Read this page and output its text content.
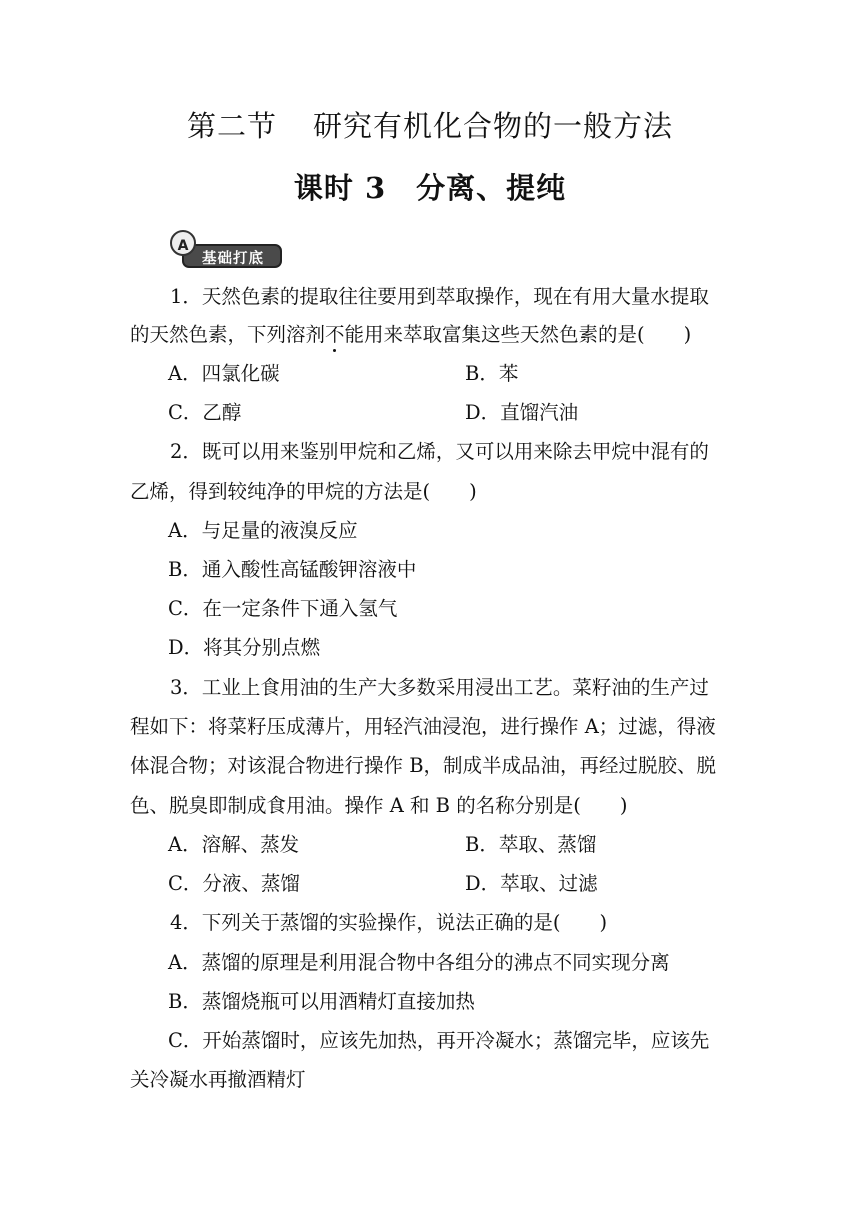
第二节 研究有机化合物的一般方法
课时 3 分离、提纯
基础打底
A
1．天然色素的提取往往要用到萃取操作，现在有用大量水提取
的天然色素，下列溶剂不能用来萃取富集这些天然色素的是(　　)
A．四氯化碳	B．苯
C．乙醇	D．直馏汽油
2．既可以用来鉴别甲烷和乙烯，又可以用来除去甲烷中混有的
乙烯，得到较纯净的甲烷的方法是(　　)
A．与足量的液溴反应
B．通入酸性高锰酸钾溶液中
C．在一定条件下通入氢气
D．将其分别点燃
3．工业上食用油的生产大多数采用浸出工艺。菜籽油的生产过
程如下：将菜籽压成薄片，用轻汽油浸泡，进行操作 A；过滤，得液
体混合物；对该混合物进行操作 B，制成半成品油，再经过脱胶、脱
色、脱臭即制成食用油。操作 A 和 B 的名称分别是(　　)
A．溶解、蒸发	B．萃取、蒸馏
C．分液、蒸馏	D．萃取、过滤
4．下列关于蒸馏的实验操作，说法正确的是(　　)
A．蒸馏的原理是利用混合物中各组分的沸点不同实现分离
B．蒸馏烧瓶可以用酒精灯直接加热
C．开始蒸馏时，应该先加热，再开冷凝水；蒸馏完毕，应该先
关冷凝水再撤酒精灯
